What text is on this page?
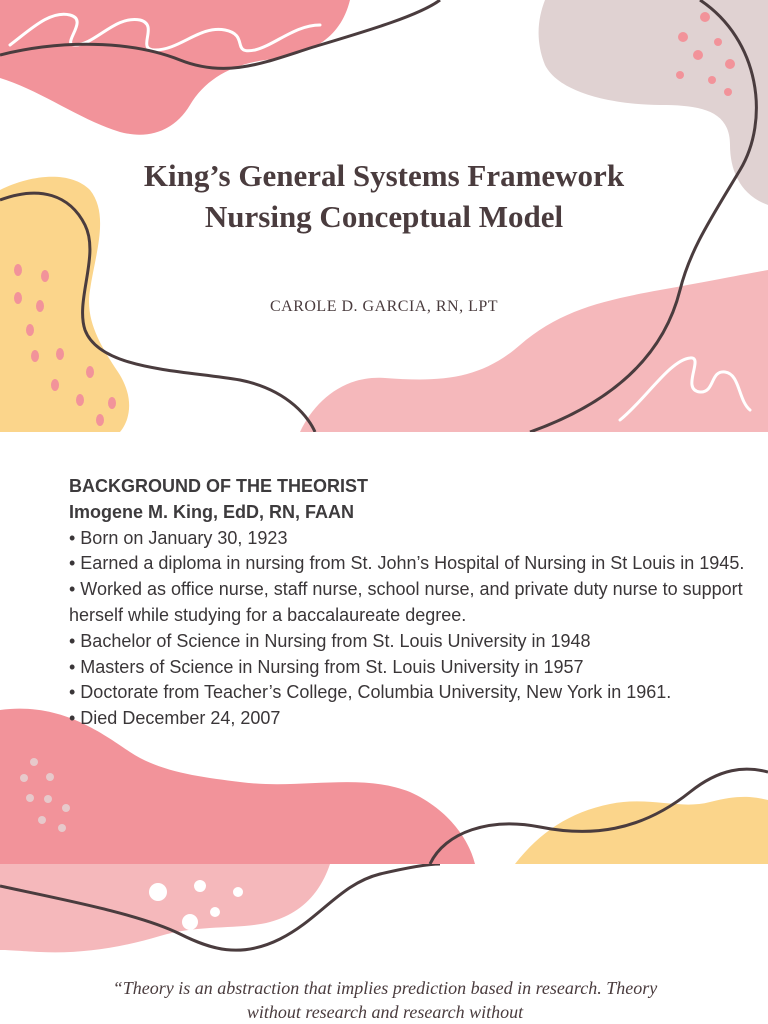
King’s General Systems Framework
Nursing Conceptual Model
CAROLE D. GARCIA, RN, LPT
BACKGROUND OF THE THEORIST
Imogene M. King, EdD, RN, FAAN
• Born on January 30, 1923
• Earned a diploma in nursing from St. John’s Hospital of Nursing in St Louis in 1945.
• Worked as office nurse, staff nurse, school nurse, and private duty nurse to support herself while studying for a baccalaureate degree.
• Bachelor of Science in Nursing from St. Louis University in 1948
• Masters of Science in Nursing from St. Louis University in 1957
• Doctorate from Teacher’s College, Columbia University, New York in 1961.
• Died December 24, 2007
“Theory is an abstraction that implies prediction based in research. Theory without research and research without
